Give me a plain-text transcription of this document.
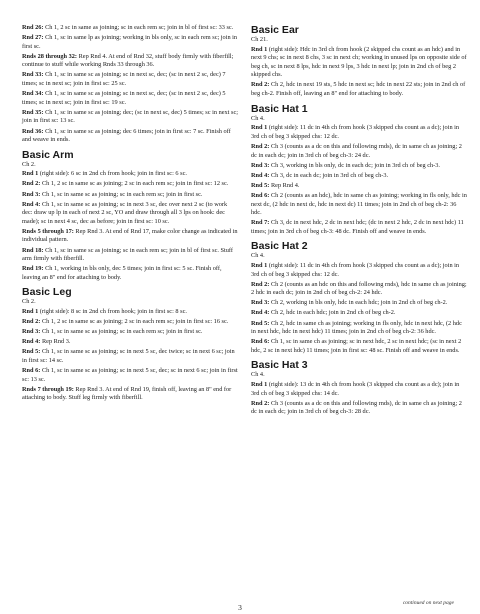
Rnd 26: Ch 1, 2 sc in same as joining; sc in each rem sc; join in bl of first sc: 33 sc.
Rnd 27: Ch 1, sc in same lp as joining; working in bls only, sc in each rem sc; join in first sc.
Rnds 28 through 32: Rep Rnd 4. At end of Rnd 32, stuff body firmly with fiberfill; continue to stuff while working Rnds 33 through 36.
Rnd 33: Ch 1, sc in same sc as joining; sc in next sc, dec; (sc in next 2 sc, dec) 7 times; sc in next sc; join in first sc: 25 sc.
Rnd 34: Ch 1, sc in same sc as joining; sc in next sc, dec; (sc in next 2 sc, dec) 5 times; sc in next sc; join in first sc: 19 sc.
Rnd 35: Ch 1, sc in same sc as joining; dec; (sc in next sc, dec) 5 times; sc in next sc; join in first sc: 13 sc.
Rnd 36: Ch 1, sc in same sc as joining; dec 6 times; join in first sc: 7 sc. Finish off and weave in ends.
Basic Arm
Ch 2.
Rnd 1 (right side): 6 sc in 2nd ch from hook; join in first sc: 6 sc.
Rnd 2: Ch 1, 2 sc in same sc as joining; 2 sc in each rem sc; join in first sc: 12 sc.
Rnd 3: Ch 1, sc in same sc as joining; sc in each rem sc; join in first sc.
Rnd 4: Ch 1, sc in same sc as joining; sc in next 3 sc, dec over next 2 sc (to work dec: draw up lp in each of next 2 sc, YO and draw through all 3 lps on hook: dec made); sc in next 4 sc, dec as before; join in first sc: 10 sc.
Rnds 5 through 17: Rep Rnd 3. At end of Rnd 17, make color change as indicated in individual pattern.
Rnd 18: Ch 1, sc in same sc as joining; sc in each rem sc; join in bl of first sc. Stuff arm firmly with fiberfill.
Rnd 19: Ch 1, working in bls only, dec 5 times; join in first sc: 5 sc. Finish off, leaving an 8" end for attaching to body.
Basic Leg
Ch 2.
Rnd 1 (right side): 8 sc in 2nd ch from hook; join in first sc: 8 sc.
Rnd 2: Ch 1, 2 sc in same sc as joining; 2 sc in each rem sc; join in first sc: 16 sc.
Rnd 3: Ch 1, sc in same sc as joining; sc in each rem sc; join in first sc.
Rnd 4: Rep Rnd 3.
Rnd 5: Ch 1, sc in same sc as joining; sc in next 5 sc, dec twice; sc in next 6 sc; join in first sc: 14 sc.
Rnd 6: Ch 1, sc in same sc as joining; sc in next 5 sc, dec; sc in next 6 sc; join in first sc: 13 sc.
Rnds 7 through 19: Rep Rnd 3. At end of Rnd 19, finish off, leaving an 8" end for attaching to body. Stuff leg firmly with fiberfill.
Basic Ear
Ch 21.
Rnd 1 (right side): Hdc in 3rd ch from hook (2 skipped chs count as an hdc) and in next 9 chs; sc in next 8 chs, 3 sc in next ch; working in unused lps on opposite side of beg ch, sc in next 8 lps, hdc in next 9 lps, 3 hdc in next lp; join in 2nd ch of beg 2 skipped chs.
Rnd 2: Ch 2, hdc in next 19 sts, 5 hdc in next sc; hdc in next 22 sts; join in 2nd ch of beg ch-2. Finish off, leaving an 8" end for attaching to body.
Basic Hat 1
Ch 4.
Rnd 1 (right side): 11 dc in 4th ch from hook (3 skipped chs count as a dc); join in 3rd ch of beg 3 skipped chs: 12 dc.
Rnd 2: Ch 3 (counts as a dc on this and following rnds), dc in same ch as joining; 2 dc in each dc; join in 3rd ch of beg ch-3: 24 dc.
Rnd 3: Ch 3, working in bls only, dc in each dc; join in 3rd ch of beg ch-3.
Rnd 4: Ch 3, dc in each dc; join in 3rd ch of beg ch-3.
Rnd 5: Rep Rnd 4.
Rnd 6: Ch 2 (counts as an hdc), hdc in same ch as joining; working in fls only, hdc in next dc, (2 hdc in next dc, hdc in next dc) 11 times; join in 2nd ch of beg ch-2: 36 hdc.
Rnd 7: Ch 3, dc in next hdc, 2 dc in next hdc; (dc in next 2 hdc, 2 dc in next hdc) 11 times; join in 3rd ch of beg ch-3: 48 dc. Finish off and weave in ends.
Basic Hat 2
Ch 4.
Rnd 1 (right side): 11 dc in 4th ch from hook (3 skipped chs count as a dc); join in 3rd ch of beg 3 skipped chs: 12 dc.
Rnd 2: Ch 2 (counts as an hdc on this and following rnds), hdc in same ch as joining; 2 hdc in each dc; join in 2nd ch of beg ch-2: 24 hdc.
Rnd 3: Ch 2, working in bls only, hdc in each hdc; join in 2nd ch of beg ch-2.
Rnd 4: Ch 2, hdc in each hdc; join in 2nd ch of beg ch-2.
Rnd 5: Ch 2, hdc in same ch as joining; working in fls only, hdc in next hdc, (2 hdc in next hdc, hdc in next hdc) 11 times; join in 2nd ch of beg ch-2: 36 hdc.
Rnd 6: Ch 1, sc in same ch as joining; sc in next hdc, 2 sc in next hdc; (sc in next 2 hdc, 2 sc in next hdc) 11 times; join in first sc: 48 sc. Finish off and weave in ends.
Basic Hat 3
Ch 4.
Rnd 1 (right side): 13 dc in 4th ch from hook (3 skipped chs count as a dc); join in 3rd ch of beg 3 skipped chs: 14 dc.
Rnd 2: Ch 3 (counts as a dc on this and following rnds), dc in same ch as joining; 2 dc in each dc; join in 3rd ch of beg ch-3: 28 dc.
continued on next page
3
